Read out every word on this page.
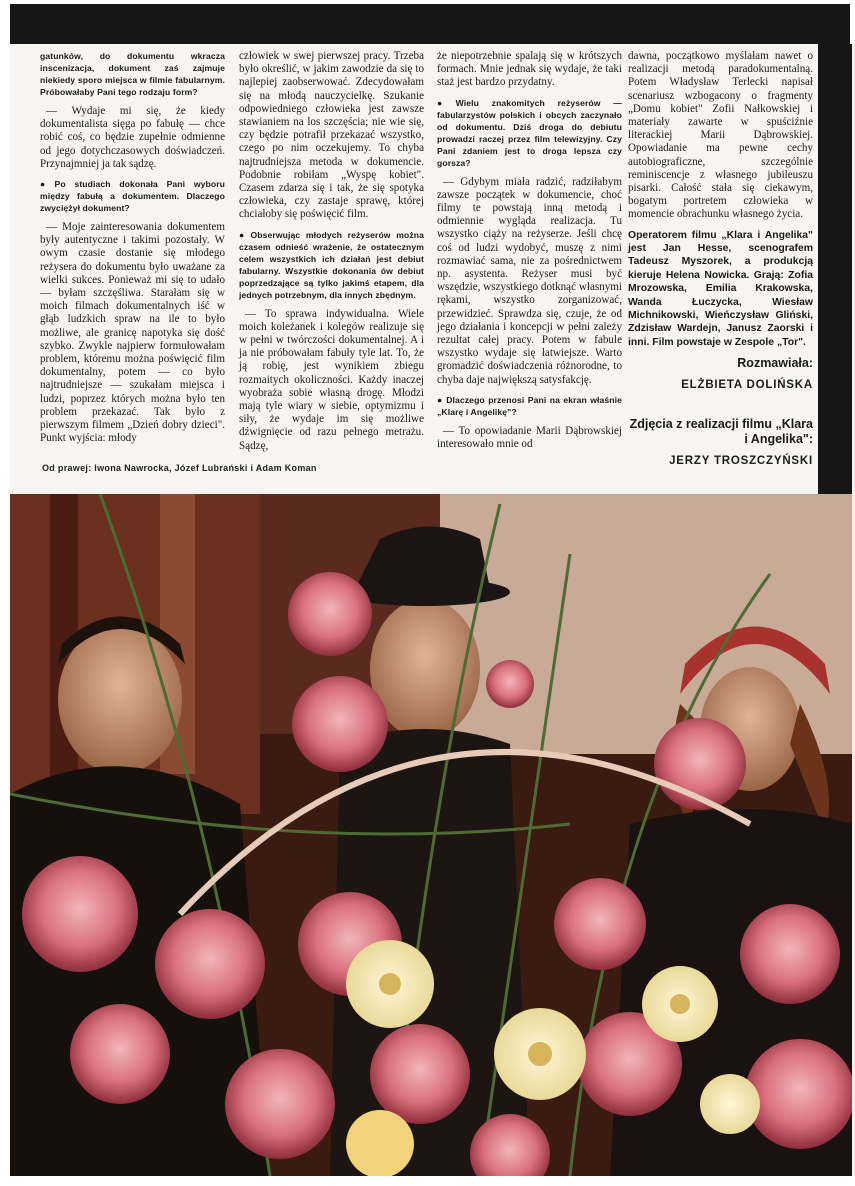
gatunków, do dokumentu wkracza inscenizacja, dokument zaś zajmuje niekiedy sporo miejsca w filmie fabularnym. Próbowałaby Pani tego rodzaju form?

— Wydaje mi się, że kiedy dokumentalista sięga po fabułę — chce robić coś, co będzie zupełnie odmienne od jego dotychczasowych doświadczeń. Przynajmniej ja tak sądzę.

● Po studiach dokonała Pani wyboru między fabułą a dokumentem. Dlaczego zwyciężył dokument?

— Moje zainteresowania dokumentem były autentyczne i takimi pozostały. W owym czasie dostanie się młodego reżysera do dokumentu było uważane za wielki sukces. Ponieważ mi się to udało — byłam szczęśliwa. Starałam się w moich filmach dokumentalnych iść w głąb ludzkich spraw na ile to było możliwe, ale granicę napotyka się dość szybko. Zwykle najpierw formułowałam problem, któremu można poświęcić film dokumentalny, potem — co było najtrudniejsze — szukałam miejsca i ludzi, poprzez których można było ten problem przekazać. Tak było z pierwszym filmem „Dzień dobry dzieci". Punkt wyjścia: młody

człowiek w swej pierwszej pracy. Trzeba było określić, w jakim zawodzie da się to najlepiej zaobserwować. Zdecydowałam się na młodą nauczycielkę. Szukanie odpowiedniego człowieka jest zawsze stawianiem na los szczęścia; nie wie się, czy będzie potrafił przekazać wszystko, czego po nim oczekujemy. To chyba najtrudniejsza metoda w dokumencie. Podobnie robiłam „Wyspę kobiet". Czasem zdarza się i tak, że się spotyka człowieka, czy zastaje sprawę, której chciałoby się poświęcić film.

● Obserwując młodych reżyserów można czasem odnieść wrażenie, że ostatecznym celem wszystkich ich działań jest debiut fabularny. Wszystkie dokonania ów debiut poprzedzające są tylko jakimś etapem, dla jednych potrzebnym, dla innych zbędnym.

— To sprawa indywidualna. Wiele moich koleżanek i kolegów realizuje się w pełni w twórczości dokumentalnej. A i ja nie próbowałam fabuły tyle lat. To, że ją robię, jest wynikiem zbiegu rozmaitych okoliczności. Każdy inaczej wyobraża sobie własną drogę. Młodzi mają tyle wiary w siebie, optymizmu i siły, że wydaje im się możliwe dźwignięcie od razu pełnego metrażu. Sądzę,

że niepotrzebnie spalają się w krótszych formach. Mnie jednak się wydaje, że taki staż jest bardzo przydatny.

● Wielu znakomitych reżyserów — fabularzystów polskich i obcych zaczynało od dokumentu. Dziś droga do debiutu prowadzi raczej przez film telewizyjny. Czy Pani zdaniem jest to droga lepsza czy gorsza?

— Gdybym miała radzić, radziłabym zawsze początek w dokumencie, choć filmy te powstają inną metodą i odmiennie wygląda realizacja. Tu wszystko ciąży na reżyserze. Jeśli chcę coś od ludzi wydobyć, muszę z nimi rozmawiać sama, nie za pośrednictwem np. asystenta. Reżyser musi być wszędzie, wszystkiego dotknąć własnymi rękami, wszystko zorganizować, przewidzieć. Sprawdza się, czuje, że od jego działania i koncepcji w pełni zależy rezultat całej pracy. Potem w fabule wszystko wydaje się łatwiejsze. Warto gromadzić doświadczenia różnorodne, to chyba daje największą satysfakcję.

● Dlaczego przenosi Pani na ekran właśnie „Klarę i Angelikę"?

— To opowiadanie Marii Dąbrowskiej interesowało mnie od

dawna, początkowo myślałam nawet o realizacji metodą paradokumentalną. Potem Władysław Terlecki napisał scenariusz wzbogacony o fragmenty „Domu kobiet" Zofii Nałkowskiej i materiały zawarte w spuściźnie literackiej Marii Dąbrowskiej. Opowiadanie ma pewne cechy autobiograficzne, szczególnie reminiscencje z własnego jubileuszu pisarki. Całość stała się ciekawym, bogatym portretem człowieka w momencie obrachunku własnego życia.

Operatorem filmu „Klara i Angelika" jest Jan Hesse, scenografem Tadeusz Myszorek, a produkcją kieruje Helena Nowicka. Grają: Zofia Mrozowska, Emilia Krakowska, Wanda Łuczycka, Wiesław Michnikowski, Wieńczysław Gliński, Zdzisław Wardejn, Janusz Zaorski i inni. Film powstaje w Zespole „Tor".

Rozmawiała:

ELŻBIETA DOLIŃSKA

Zdjęcia z realizacji filmu „Klara i Angelika":

JERZY TROSZCZYŃSKI

Od prawej: Iwona Nawrocka, Józef Lubrański i Adam Koman
